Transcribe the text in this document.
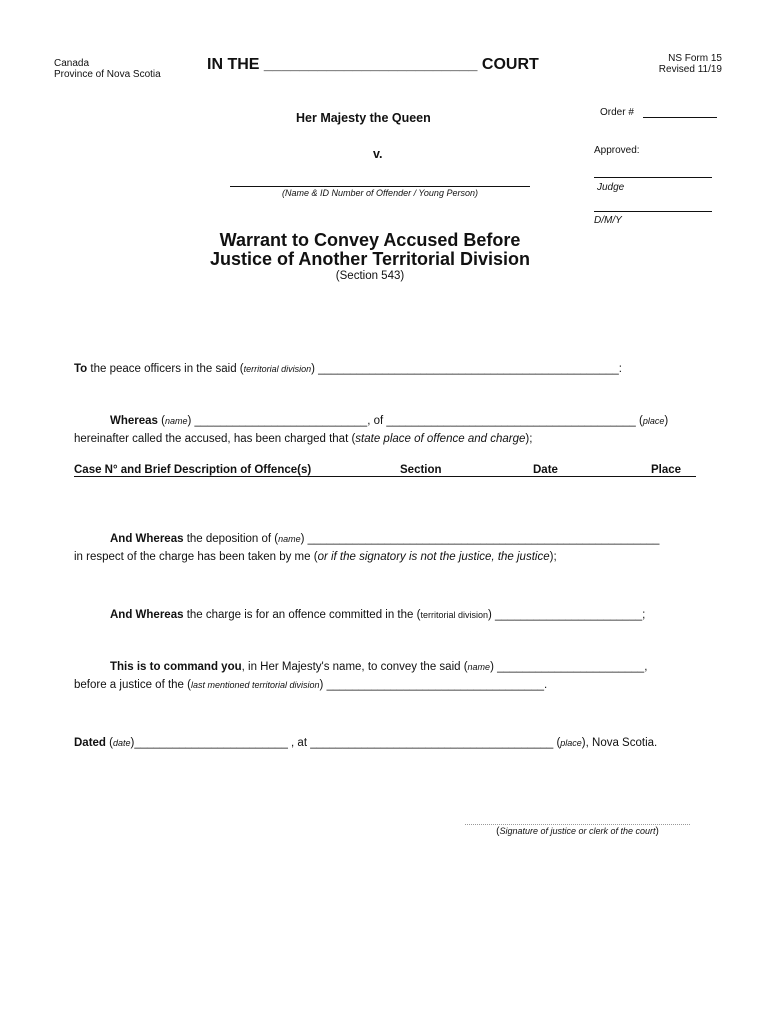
Canada
Province of Nova Scotia
IN THE ________________________ COURT	NS Form 15
Revised 11/19
Her Majesty the Queen
v.
(Name & ID Number of Offender / Young Person)
Order #
Approved:
Judge
D/M/Y
Warrant to Convey Accused Before
Justice of Another Territorial Division
(Section 543)
To the peace officers in the said (territorial division) _______________________________________________:
Whereas (name) ___________________________, of _______________________________________ (place)
hereinafter called the accused, has been charged that (state place of offence and charge);
Case N° and Brief Description of Offence(s)	Section	Date	Place
And Whereas the deposition of (name) _______________________________________________________
in respect of the charge has been taken by me (or if the signatory is not the justice, the justice);
And Whereas the charge is for an offence committed in the (territorial division) _______________________;
This is to command you, in Her Majesty's name, to convey the said (name) _______________________,
before a justice of the (last mentioned territorial division) __________________________________.
Dated (date)________________________ , at ______________________________________ (place), Nova Scotia.
(Signature of justice or clerk of the court)
